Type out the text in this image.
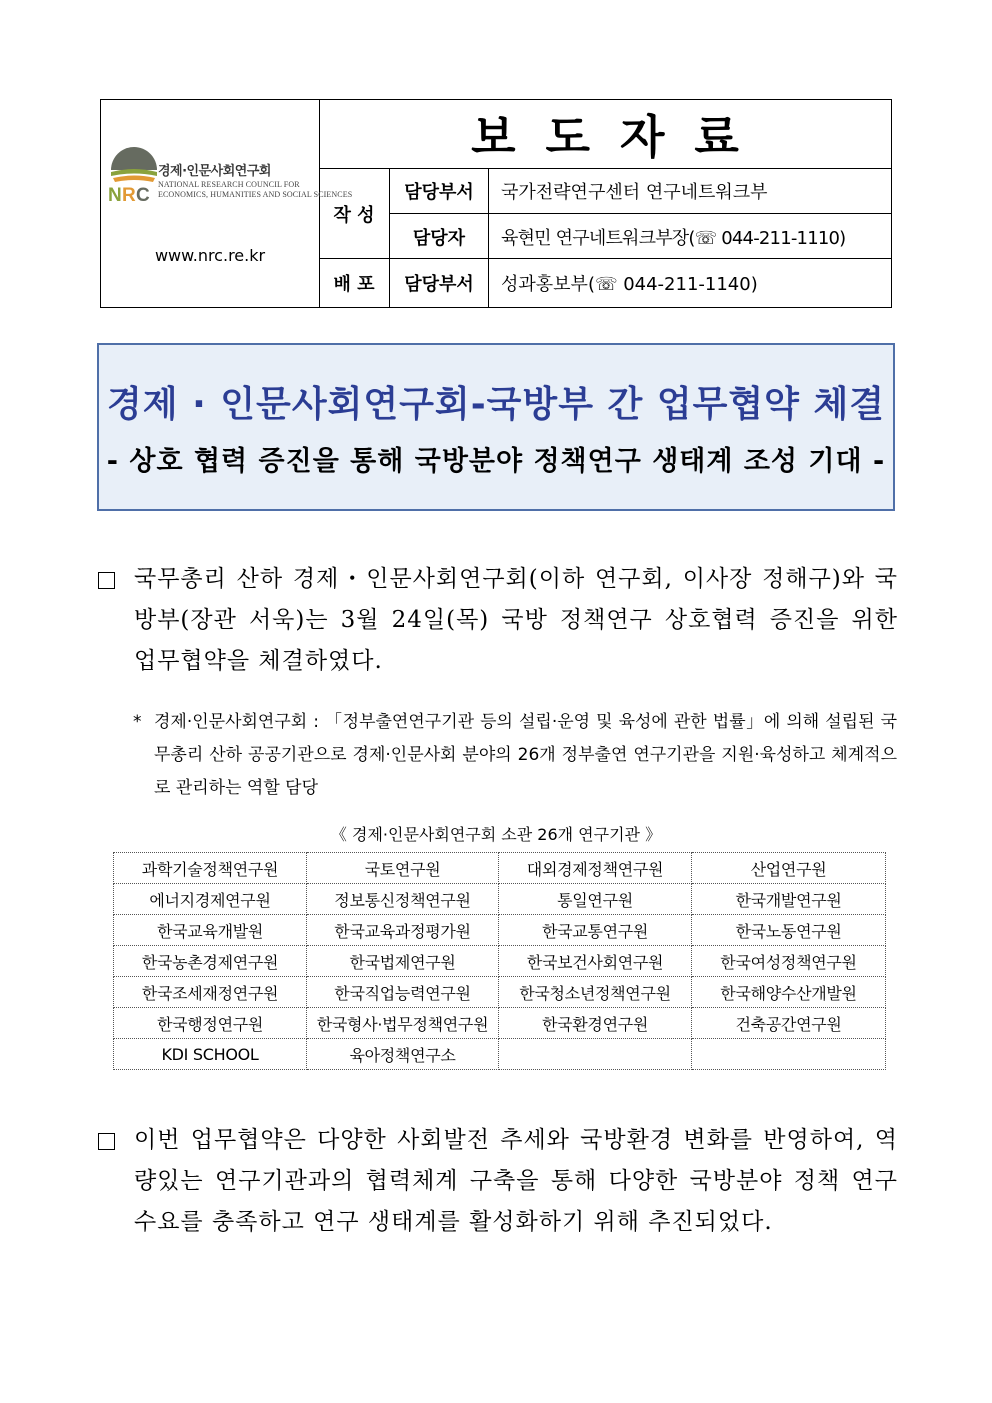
N R C
경제·인문사회연구회
NATIONAL RESEARCH COUNCIL FOR
ECONOMICS, HUMANITIES AND SOCIAL SCIENCES
www.nrc.re.kr
보도자료
작 성
담당부서 국가전략연구센터 연구네트워크부
담당자 육현민 연구네트워크부장(☏ 044-211-1110)
배 포 담당부서 성과홍보부(☏ 044-211-1140)
경제 · 인문사회연구회-국방부 간 업무협약 체결
- 상호 협력 증진을 통해 국방분야 정책연구 생태계 조성 기대 -
국무총리 산하 경제・인문사회연구회(이하 연구회, 이사장 정해구)와 국방부(장관 서욱)는 3월 24일(목) 국방 정책연구 상호협력 증진을 위한 업무협약을 체결하였다.
* 경제·인문사회연구회 : 「정부출연연구기관 등의 설립·운영 및 육성에 관한 법률」에 의해 설립된 국무총리 산하 공공기관으로 경제·인문사회 분야의 26개 정부출연 연구기관을 지원·육성하고 체계적으로 관리하는 역할 담당
《 경제·인문사회연구회 소관 26개 연구기관 》
과학기술정책연구원	국토연구원	대외경제정책연구원	산업연구원
에너지경제연구원	정보통신정책연구원	통일연구원	한국개발연구원
한국교육개발원	한국교육과정평가원	한국교통연구원	한국노동연구원
한국농촌경제연구원	한국법제연구원	한국보건사회연구원	한국여성정책연구원
한국조세재정연구원	한국직업능력연구원	한국청소년정책연구원	한국해양수산개발원
한국행정연구원	한국형사·법무정책연구원	한국환경연구원	건축공간연구원
KDI SCHOOL	육아정책연구소		
이번 업무협약은 다양한 사회발전 추세와 국방환경 변화를 반영하여, 역량있는 연구기관과의 협력체계 구축을 통해 다양한 국방분야 정책 연구 수요를 충족하고 연구 생태계를 활성화하기 위해 추진되었다.
